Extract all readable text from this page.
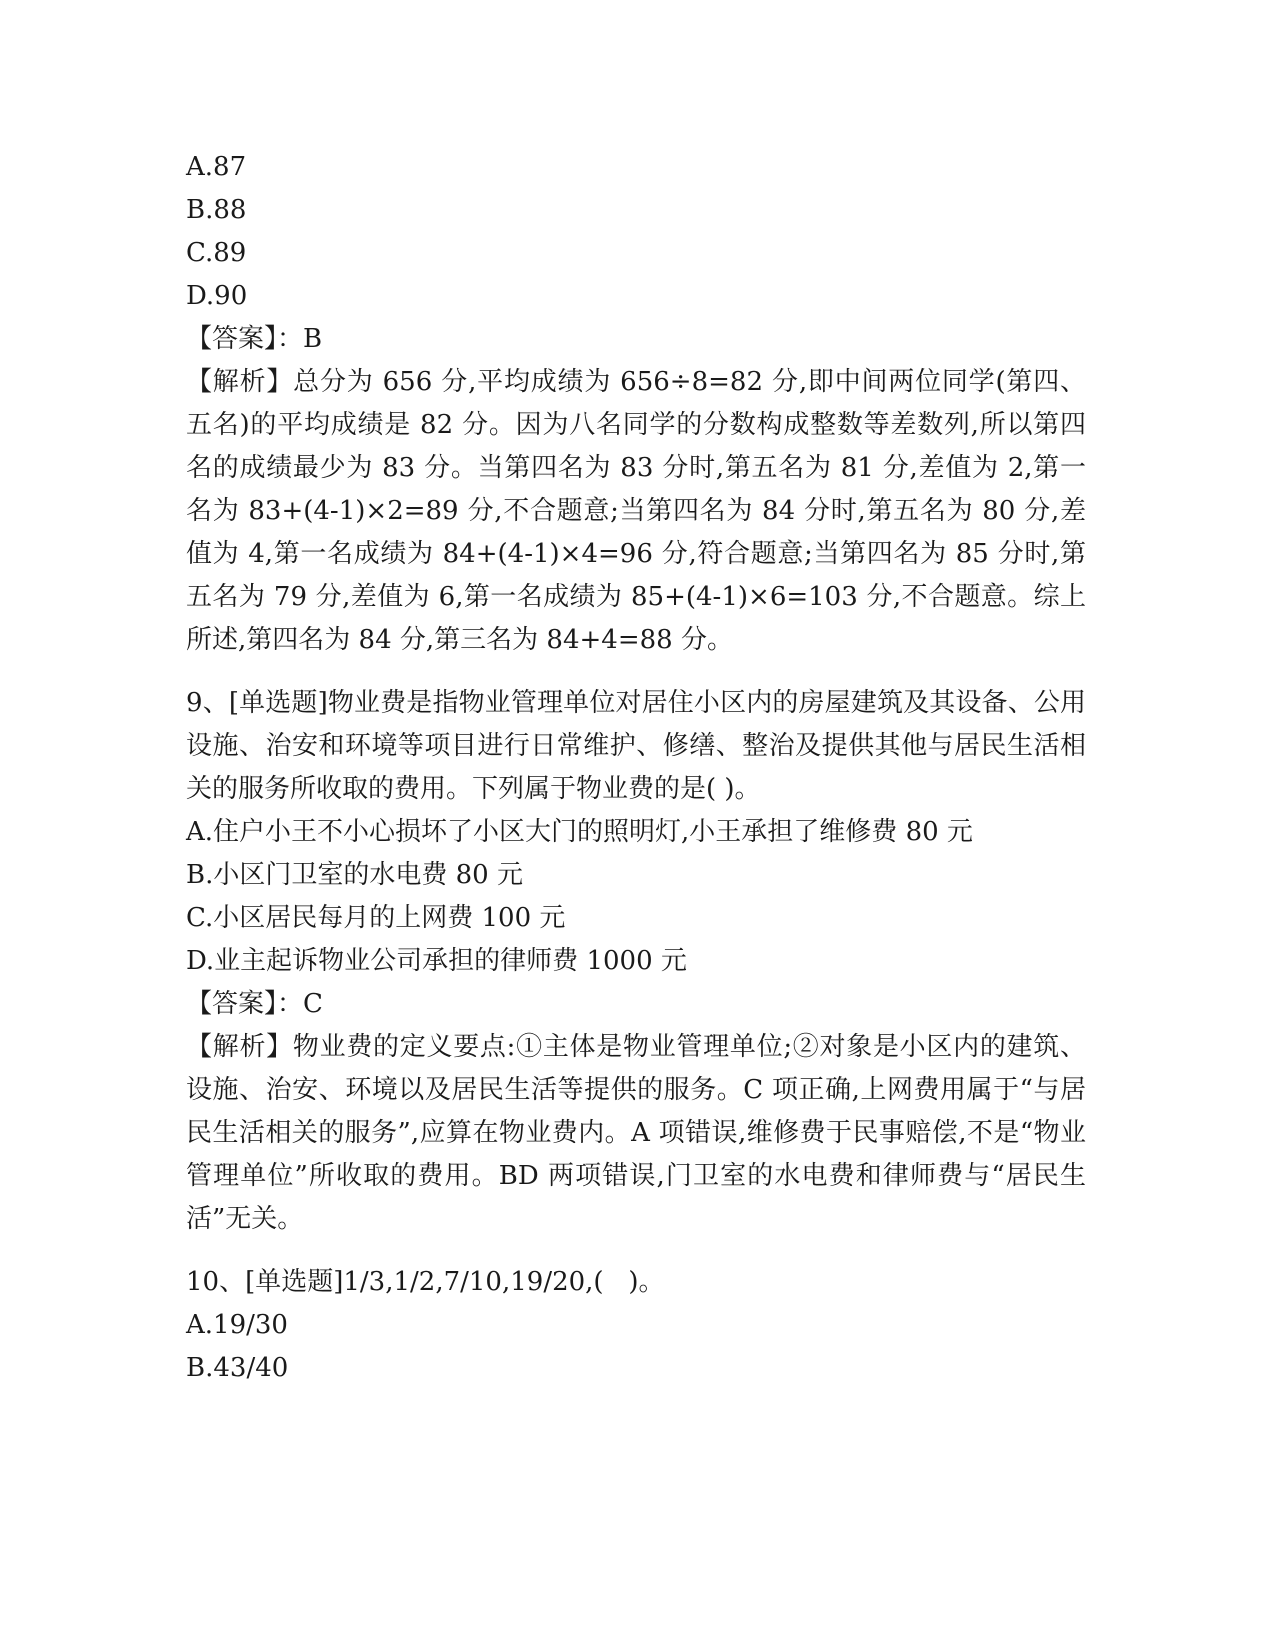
A.87

B.88

C.89

D.90

【答案】：B

【解析】总分为 656 分,平均成绩为 656÷8=82 分,即中间两位同学(第四、五名)的平均成绩是 82 分。因为八名同学的分数构成整数等差数列,所以第四名的成绩最少为 83 分。当第四名为 83 分时,第五名为 81 分,差值为 2,第一名为 83+(4-1)×2=89 分,不合题意;当第四名为 84 分时,第五名为 80 分,差值为 4,第一名成绩为 84+(4-1)×4=96 分,符合题意;当第四名为 85 分时,第五名为 79 分,差值为 6,第一名成绩为 85+(4-1)×6=103 分,不合题意。综上所述,第四名为 84 分,第三名为 84+4=88 分。

9、[单选题]物业费是指物业管理单位对居住小区内的房屋建筑及其设备、公用设施、治安和环境等项目进行日常维护、修缮、整治及提供其他与居民生活相关的服务所收取的费用。下列属于物业费的是( )。

A.住户小王不小心损坏了小区大门的照明灯,小王承担了维修费 80 元

B.小区门卫室的水电费 80 元

C.小区居民每月的上网费 100 元

D.业主起诉物业公司承担的律师费 1000 元

【答案】：C

【解析】物业费的定义要点:①主体是物业管理单位;②对象是小区内的建筑、设施、治安、环境以及居民生活等提供的服务。C 项正确,上网费用属于“与居民生活相关的服务”,应算在物业费内。A 项错误,维修费于民事赔偿,不是“物业管理单位”所收取的费用。BD 两项错误,门卫室的水电费和律师费与“居民生活”无关。

10、[单选题]1/3,1/2,7/10,19/20,(   )。

A.19/30

B.43/40
